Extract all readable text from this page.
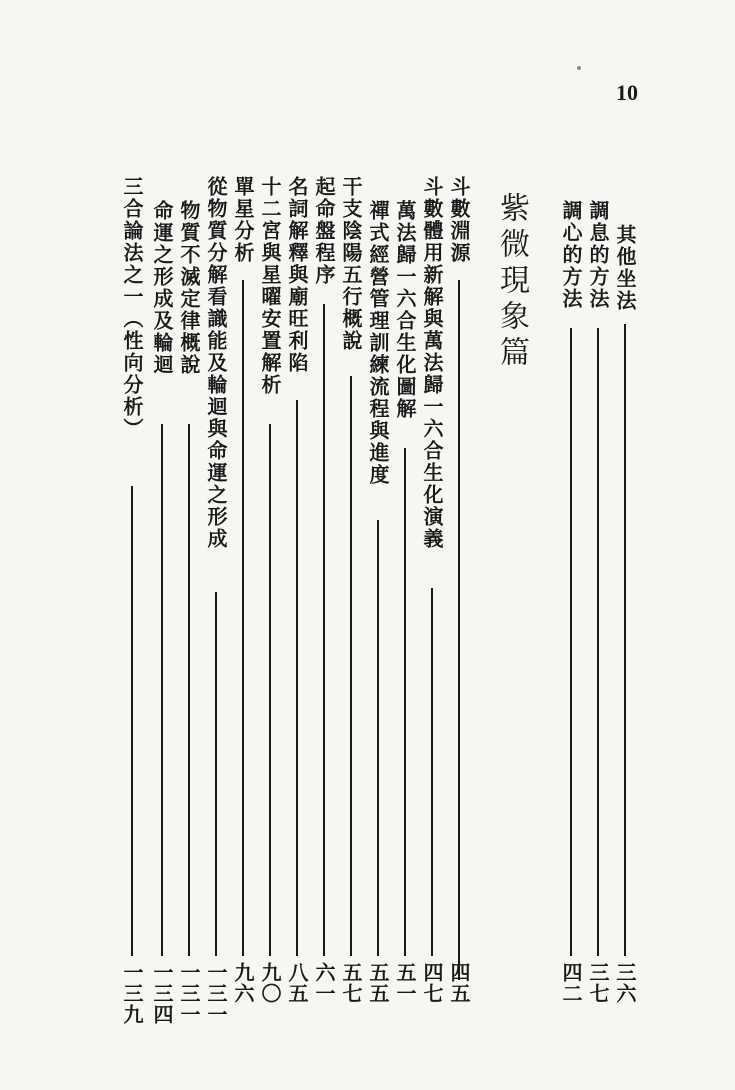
10
紫微現象篇	其他坐法
三六
調息的方法
三七
調心的方法
四二
斗數淵源
四五
斗數體用新解與萬法歸一六合生化演義
四七
萬法歸一六合生化圖解
五一
禪式經營管理訓練流程與進度
五五
干支陰陽五行概說
五七
起命盤程序
六一
名詞解釋與廟旺利陷
八五
十二宮與星曜安置解析
九〇
單星分析
九六
從物質分解看識能及輪迴與命運之形成
一三一
物質不滅定律概說
一三一
命運之形成及輪迴
一三四
三合論法之一（性向分析）
一三九
